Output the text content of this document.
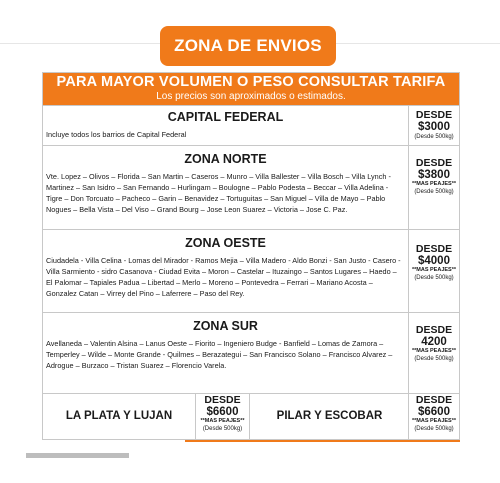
ZONA DE ENVIOS
PARA MAYOR VOLUMEN O PESO CONSULTAR TARIFA
Los precios son aproximados o estimados.
CAPITAL FEDERAL
Incluye todos los barrios de Capital Federal
DESDE
$3000
(Desde 500kg)
ZONA NORTE
Vte. Lopez – Olivos – Florida – San Martin – Caseros – Munro – Villa Ballester – Villa Bosch – Villa Lynch - Martinez – San Isidro – San Fernando – Hurlingam – Boulogne – Pablo Podesta – Beccar – Villa Adelina - Tigre – Don Torcuato – Pacheco – Garin – Benavidez – Tortuguitas – San Miguel – Villa de Mayo – Pablo Nogues – Bella Vista – Del Viso – Grand Bourg – Jose Leon Suarez – Victoria – Jose C. Paz.
DESDE
$3800
**MAS PEAJES**
(Desde 500kg)
ZONA OESTE
Ciudadela - Villa Celina - Lomas del Mirador - Ramos Mejia – Villa Madero - Aldo Bonzi - San Justo - Casero - Villa Sarmiento - sidro Casanova - Ciudad Evita – Moron – Castelar – Ituzaingo – Santos Lugares – Haedo – El Palomar – Tapiales Padua – Libertad – Merlo – Moreno – Pontevedra – Ferrari – Mariano Acosta – Gonzalez Catan – Virrey del Pino – Laferrere – Paso del Rey.
DESDE
$4000
**MAS PEAJES**
(Desde 500kg)
ZONA SUR
Avellaneda – Valentin Alsina – Lanus Oeste – Fiorito – Ingeniero Budge - Banfield – Lomas de Zamora – Temperley – Wilde – Monte Grande - Quilmes – Berazategui – San Francisco Solano – Francisco Alvarez – Adrogue – Burzaco – Tristan Suarez – Florencio Varela.
DESDE
4200
**MAS PEAJES**
(Desde 500kg)
LA PLATA Y LUJAN
DESDE
$6600
**MAS PEAJES**
(Desde 500kg)
PILAR Y ESCOBAR
DESDE
$6600
**MAS PEAJES**
(Desde 500kg)
